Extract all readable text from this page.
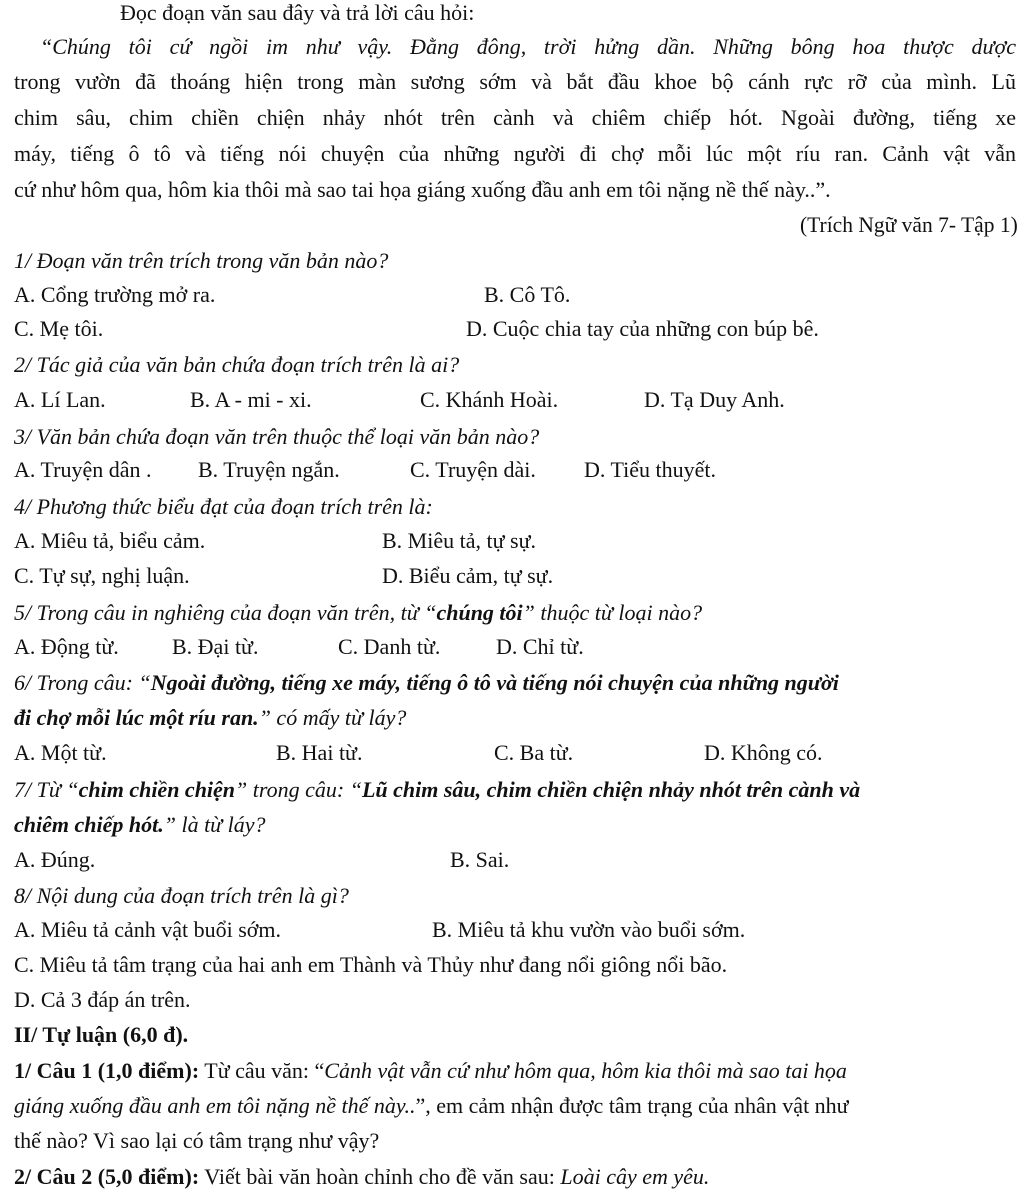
Đọc đoạn văn sau đây và trả lời câu hỏi:
“Chúng tôi cứ ngồi im như vậy. Đằng đông, trời hửng dần. Những bông hoa thược dược
trong vườn đã thoáng hiện trong màn sương sớm và bắt đầu khoe bộ cánh rực rỡ của mình. Lũ
chim sâu, chim chiền chiện nhảy nhót trên cành và chiêm chiếp hót. Ngoài đường, tiếng xe
máy, tiếng ô tô và tiếng nói chuyện của những người đi chợ mỗi lúc một ríu ran. Cảnh vật vẫn
cứ như hôm qua, hôm kia thôi mà sao tai họa giáng xuống đầu anh em tôi nặng nề thế này..”.
(Trích Ngữ văn 7- Tập 1)
1/ Đoạn văn trên trích trong văn bản nào?
A. Cổng trường mở ra.	B. Cô Tô.
C. Mẹ tôi.	D. Cuộc chia tay của những con búp bê.
2/ Tác giả của văn bản chứa đoạn trích trên là ai?
A. Lí Lan.	B. A - mi - xi.	C. Khánh Hoài.	D. Tạ Duy Anh.
3/ Văn bản chứa đoạn văn trên thuộc thể loại văn bản nào?
A. Truyện dân . B. Truyện ngắn.	C. Truyện dài. D. Tiểu thuyết.
4/ Phương thức biểu đạt của đoạn trích trên là:
A. Miêu tả, biểu cảm.	B. Miêu tả, tự sự.
C. Tự sự, nghị luận.	D. Biểu cảm, tự sự.
5/ Trong câu in nghiêng của đoạn văn trên, từ “chúng tôi” thuộc từ loại nào?
A. Động từ. B. Đại từ.	C. Danh từ.	D. Chỉ từ.
6/ Trong câu: “Ngoài đường, tiếng xe máy, tiếng ô tô và tiếng nói chuyện của những người
đi chợ mỗi lúc một ríu ran.” có mấy từ láy?
A. Một từ.	B. Hai từ.	C. Ba từ.	D. Không có.
7/ Từ “chim chiền chiện” trong câu: “Lũ chim sâu, chim chiền chiện nhảy nhót trên cành và
chiêm chiếp hót.” là từ láy?
A. Đúng.	B. Sai.
8/ Nội dung của đoạn trích trên là gì?
A. Miêu tả cảnh vật buổi sớm.	B. Miêu tả khu vườn vào buổi sớm.
C. Miêu tả tâm trạng của hai anh em Thành và Thủy như đang nổi giông nổi bão.
D. Cả 3 đáp án trên.
II/ Tự luận (6,0 đ).
1/ Câu 1 (1,0 điểm): Từ câu văn: “Cảnh vật vẫn cứ như hôm qua, hôm kia thôi mà sao tai họa
giáng xuống đầu anh em tôi nặng nề thế này..”, em cảm nhận được tâm trạng của nhân vật như
thế nào? Vì sao lại có tâm trạng như vậy?
2/ Câu 2 (5,0 điểm): Viết bài văn hoàn chỉnh cho đề văn sau: Loài cây em yêu.
